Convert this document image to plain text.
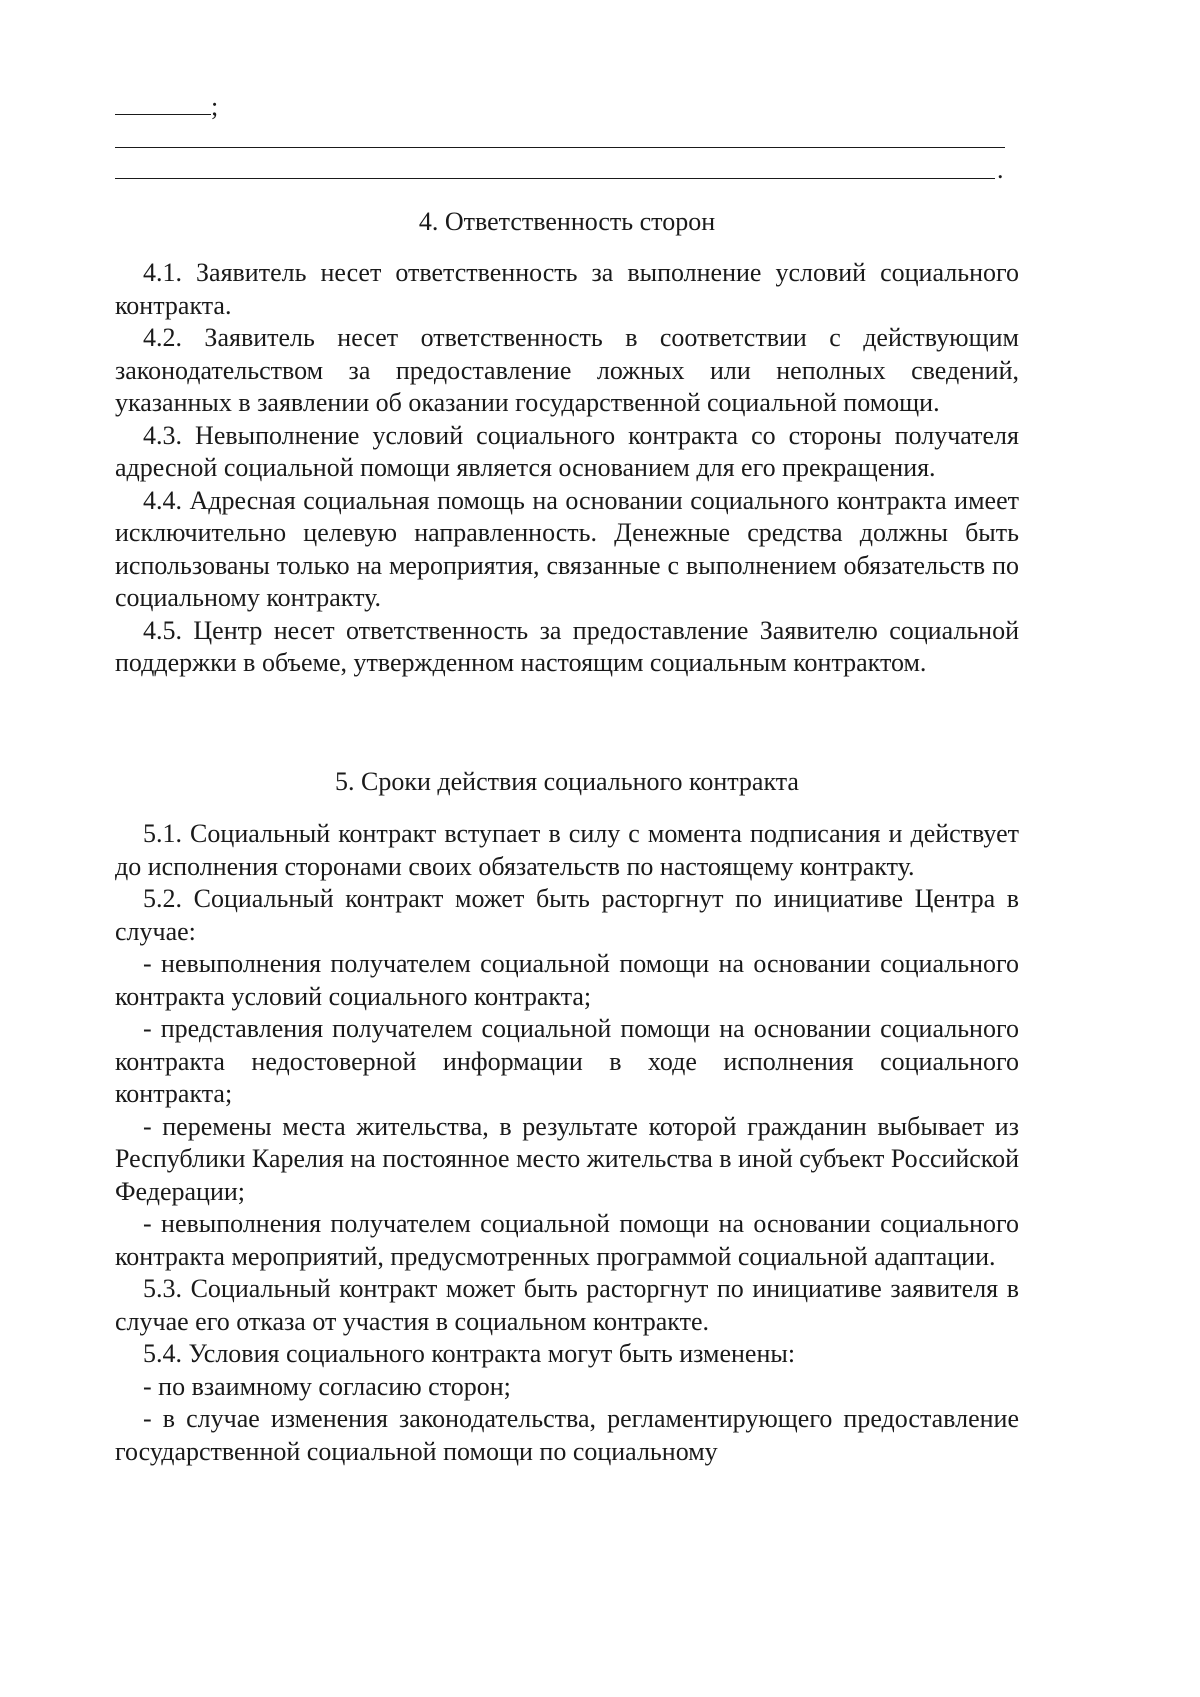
;
.
4. Ответственность сторон

4.1. Заявитель несет ответственность за выполнение условий социального контракта.

4.2. Заявитель несет ответственность в соответствии с действующим законодательством за предоставление ложных или неполных сведений, указанных в заявлении об оказании государственной социальной помощи.

4.3. Невыполнение условий социального контракта со стороны получателя адресной социальной помощи является основанием для его прекращения.

4.4. Адресная социальная помощь на основании социального контракта имеет исключительно целевую направленность. Денежные средства должны быть использованы только на мероприятия, связанные с выполнением обязательств по социальному контракту.

4.5. Центр несет ответственность за предоставление Заявителю социальной поддержки в объеме, утвержденном настоящим социальным контрактом.

5. Сроки действия социального контракта

5.1. Социальный контракт вступает в силу с момента подписания и действует до исполнения сторонами своих обязательств по настоящему контракту.

5.2. Социальный контракт может быть расторгнут по инициативе Центра в случае:

- невыполнения получателем социальной помощи на основании социального контракта условий социального контракта;

- представления получателем социальной помощи на основании социального контракта недостоверной информации в ходе исполнения социального контракта;

- перемены места жительства, в результате которой гражданин выбывает из Республики Карелия на постоянное место жительства в иной субъект Российской Федерации;

- невыполнения получателем социальной помощи на основании социального контракта мероприятий, предусмотренных программой социальной адаптации.

5.3. Социальный контракт может быть расторгнут по инициативе заявителя в случае его отказа от участия в социальном контракте.

5.4. Условия социального контракта могут быть изменены:

- по взаимному согласию сторон;

- в случае изменения законодательства, регламентирующего предоставление государственной социальной помощи по социальному
